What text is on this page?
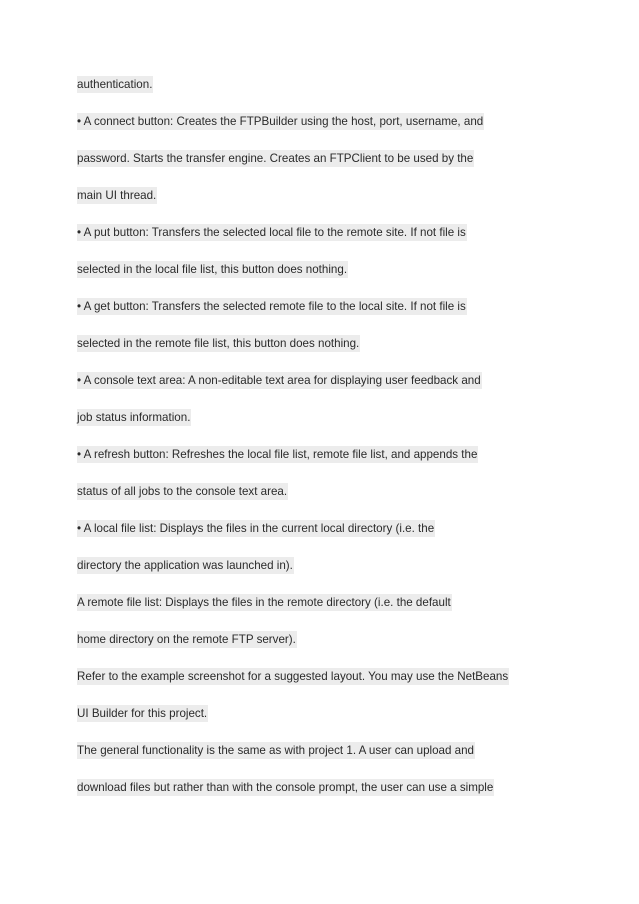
authentication.
• A connect button: Creates the FTPBuilder using the host, port, username, and
password. Starts the transfer engine. Creates an FTPClient to be used by the
main UI thread.
• A put button: Transfers the selected local file to the remote site. If not file is
selected in the local file list, this button does nothing.
• A get button: Transfers the selected remote file to the local site. If not file is
selected in the remote file list, this button does nothing.
• A console text area: A non-editable text area for displaying user feedback and
job status information.
• A refresh button: Refreshes the local file list, remote file list, and appends the
status of all jobs to the console text area.
• A local file list: Displays the files in the current local directory (i.e. the
directory the application was launched in).
A remote file list: Displays the files in the remote directory (i.e. the default
home directory on the remote FTP server).
Refer to the example screenshot for a suggested layout. You may use the NetBeans
UI Builder for this project.
The general functionality is the same as with project 1. A user can upload and
download files but rather than with the console prompt, the user can use a simple
